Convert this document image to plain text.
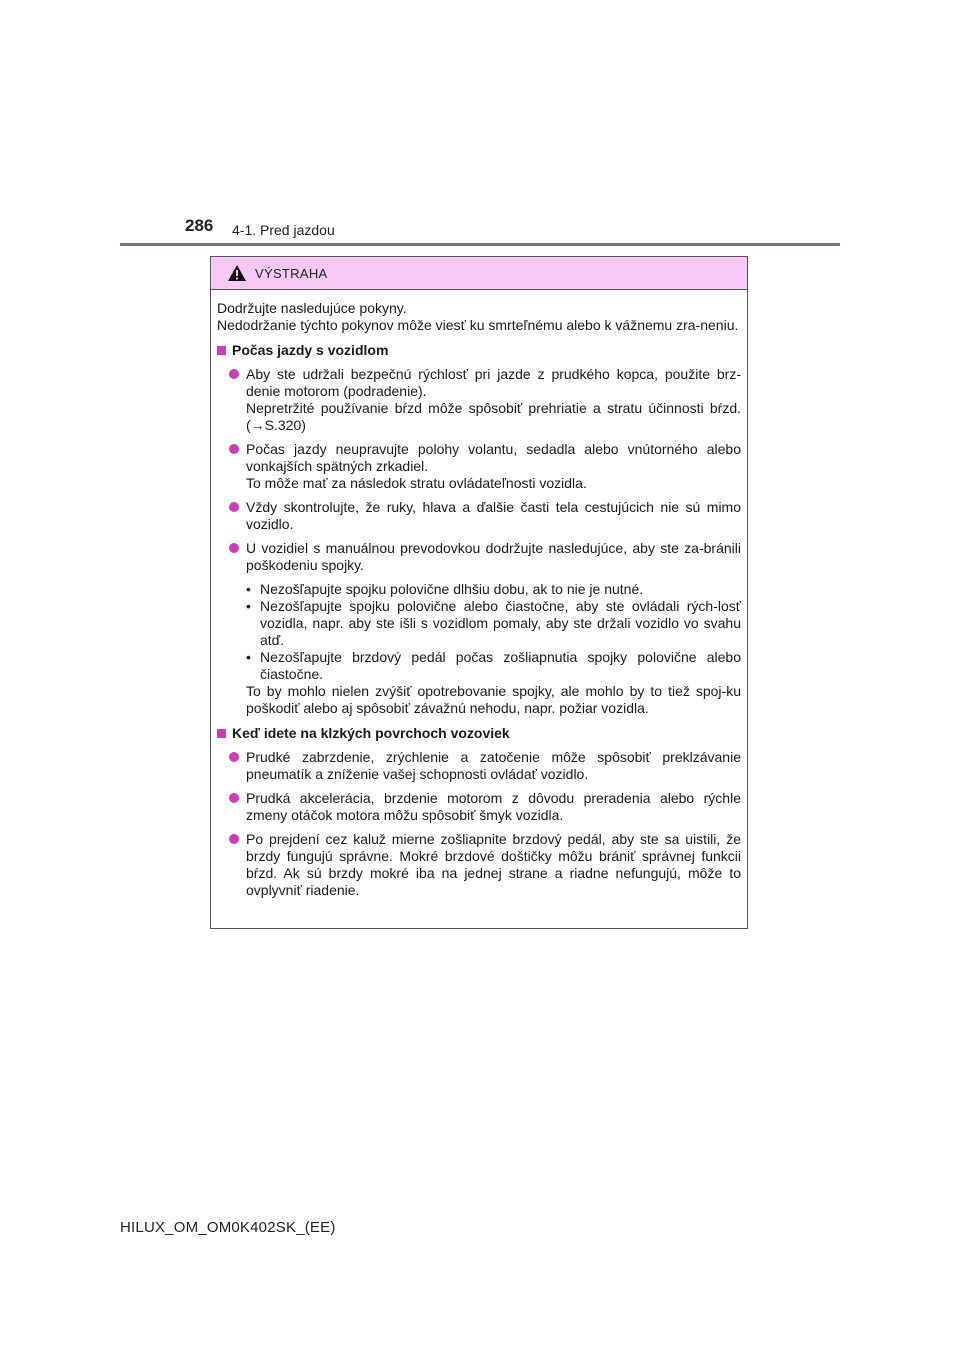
286 4-1. Pred jazdou
VÝSTRAHA

Dodržujte nasledujúce pokyny.

Nedodržanie týchto pokynov môže viesť ku smrteľnému alebo k vážnemu zra-neniu.

Počas jazdy s vozidlom

Aby ste udržali bezpečnú rýchlosť pri jazde z prudkého kopca, použite brz-denie motorom (podradenie).

Nepretržité používanie bŕzd môže spôsobiť prehriatie a stratu účinnosti bŕzd. (→S.320)

Počas jazdy neupravujte polohy volantu, sedadla alebo vnútorného alebo vonkajších spätných zrkadiel.

To môže mať za následok stratu ovládateľnosti vozidla.

Vždy skontrolujte, že ruky, hlava a ďalšie časti tela cestujúcich nie sú mimo vozidlo.

U vozidiel s manuálnou prevodovkou dodržujte nasledujúce, aby ste za-bránili poškodeniu spojky.

• Nezošľapujte spojku polovične dlhšiu dobu, ak to nie je nutné.
• Nezošľapujte spojku polovične alebo čiastočne, aby ste ovládali rých-losť vozidla, napr. aby ste išli s vozidlom pomaly, aby ste držali vozidlo vo svahu atď.
• Nezošľapujte brzdový pedál počas zošliapnutia spojky polovične alebo čiastočne.

To by mohlo nielen zvýšiť opotrebovanie spojky, ale mohlo by to tiež spoj-ku poškodiť alebo aj spôsobiť závažnú nehodu, napr. požiar vozidla.

Keď idete na klzkých povrchoch vozoviek

Prudké zabrzdenie, zrýchlenie a zatočenie môže spôsobiť preklzávanie pneumatík a zníženie vašej schopnosti ovládať vozidlo.

Prudká akcelerácia, brzdenie motorom z dôvodu preradenia alebo rýchle zmeny otáčok motora môžu spôsobiť šmyk vozidla.

Po prejdení cez kaluž mierne zošliapnite brzdový pedál, aby ste sa uistili, že brzdy fungujú správne. Mokré brzdové doštičky môžu brániť správnej funkcii bŕzd. Ak sú brzdy mokré iba na jednej strane a riadne nefungujú, môže to ovplyvniť riadenie.

HILUX_OM_OM0K402SK_(EE)
